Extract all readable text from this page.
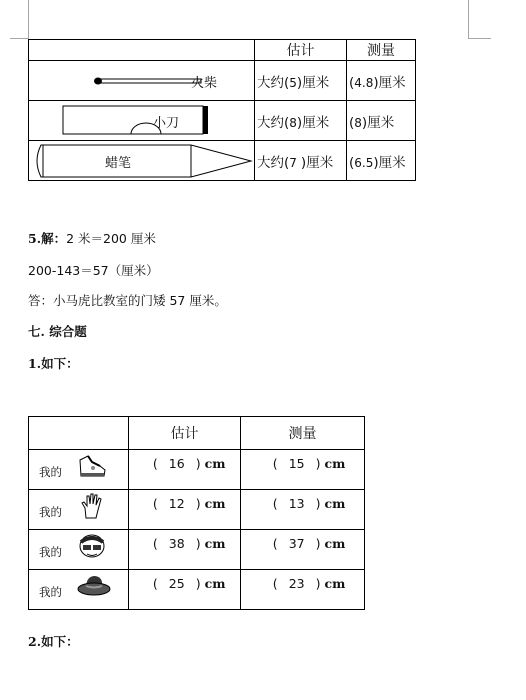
	估计	测量

火柴	大约(5)厘米	(4.8)厘米

小刀	大约(8)厘米	(8)厘米

蜡笔	大约(7 )厘米	(6.5)厘米
5.解：2 米＝200 厘米
200-143＝57（厘米）
答：小马虎比教室的门矮 57 厘米。
七. 综合题
1.如下：
	估计	测量

我的	( 16 ) cm	( 15 ) cm

我的	( 12 ) cm	( 13 ) cm

我的	( 38 ) cm	( 37 ) cm

我的	( 25 ) cm	( 23 ) cm
2.如下：
